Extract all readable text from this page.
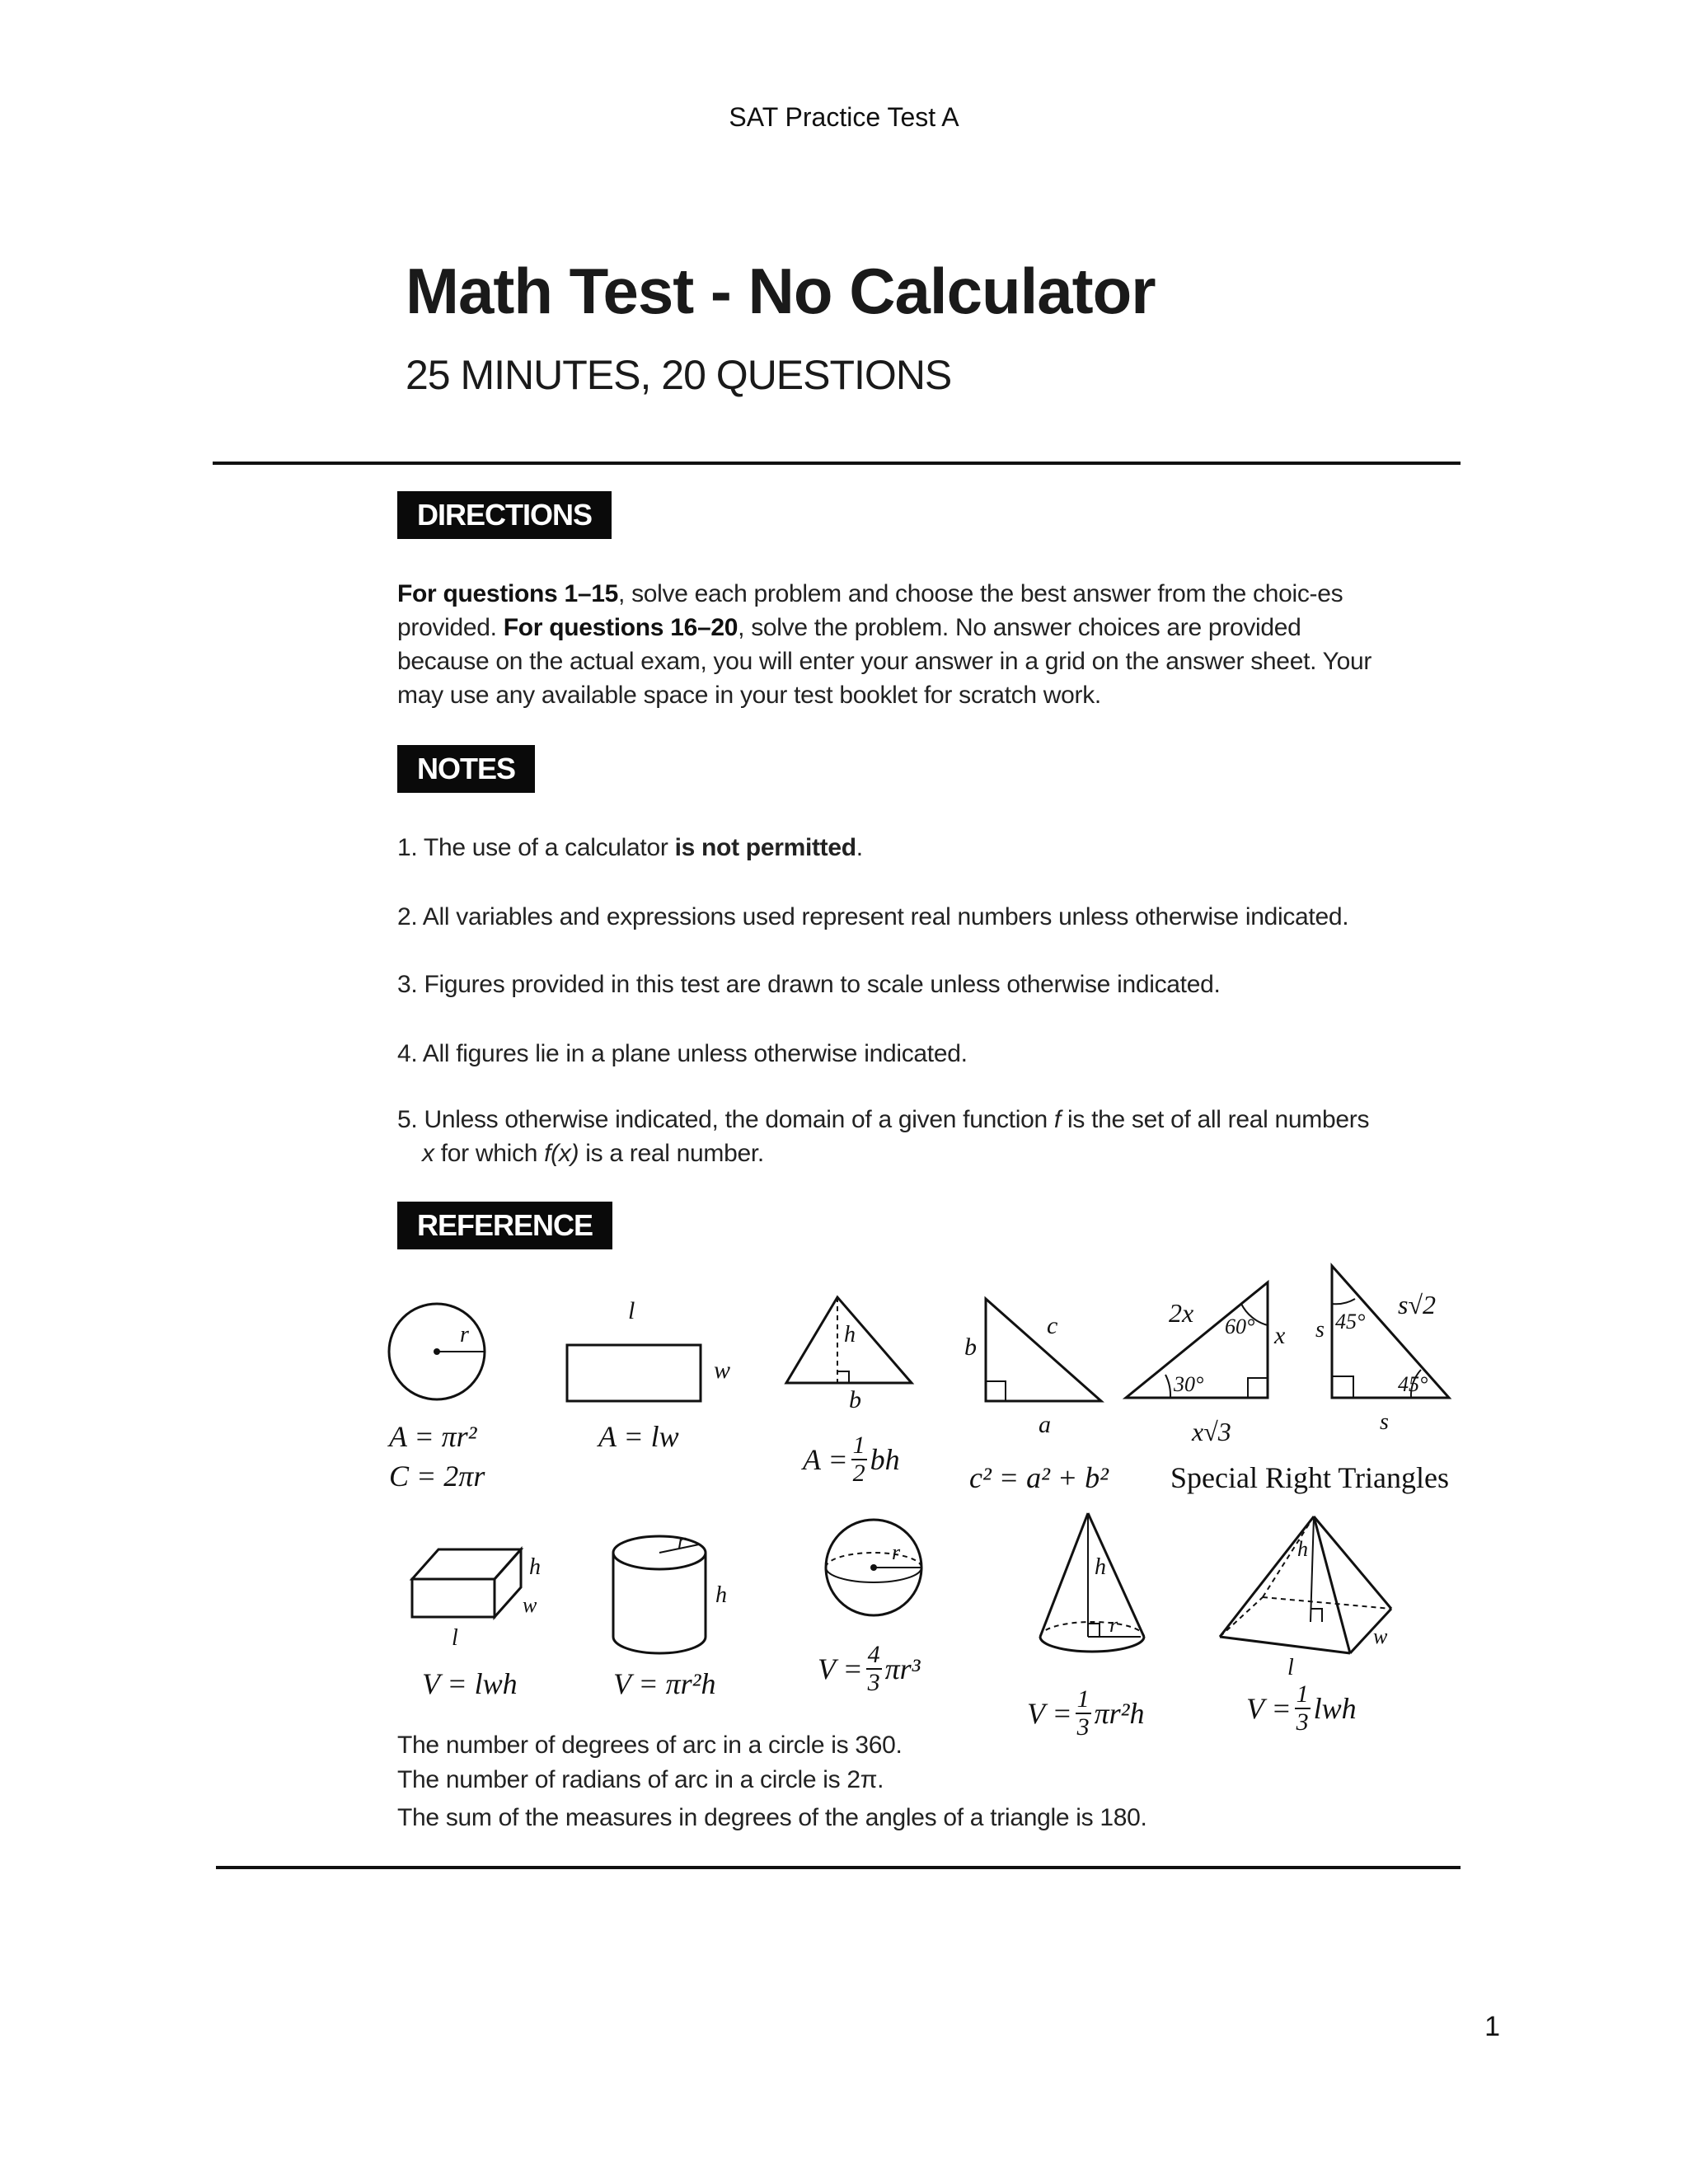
SAT Practice Test A
Math Test - No Calculator
25 MINUTES, 20 QUESTIONS
DIRECTIONS
For questions 1–15, solve each problem and choose the best answer from the choic-es provided. For questions 16–20, solve the problem. No answer choices are provided because on the actual exam, you will enter your answer in a grid on the answer sheet. Your may use any available space in your test booklet for scratch work.
NOTES
1. The use of a calculator is not permitted.
2. All variables and expressions used represent real numbers unless otherwise indicated.
3. Figures provided in this test are drawn to scale unless otherwise indicated.
4. All figures lie in a plane unless otherwise indicated.
5. Unless otherwise indicated, the domain of a given function f is the set of all real numbers
x for which f(x) is a real number.
REFERENCE
r
A = πr²
C = 2πr
l
w
A = lw
h
b
$A = \frac{1}{2}$ bh
b
c
a
c² = a² + b²
2x 60°
30°
x
x√3
s 45°
45°
s√2
s
Special Right Triangles
h
w
l
V = lwh
r
h
V = πr²h
r
$V = \frac{4}{3} \pi r^3$
h
r
$V = \frac{1}{3} \pi r^2h$
h
w
l
$V = \frac{1}{3}$ lwh
The number of degrees of arc in a circle is 360.
The number of radians of arc in a circle is 2π.
The sum of the measures in degrees of the angles of a triangle is 180.
1
